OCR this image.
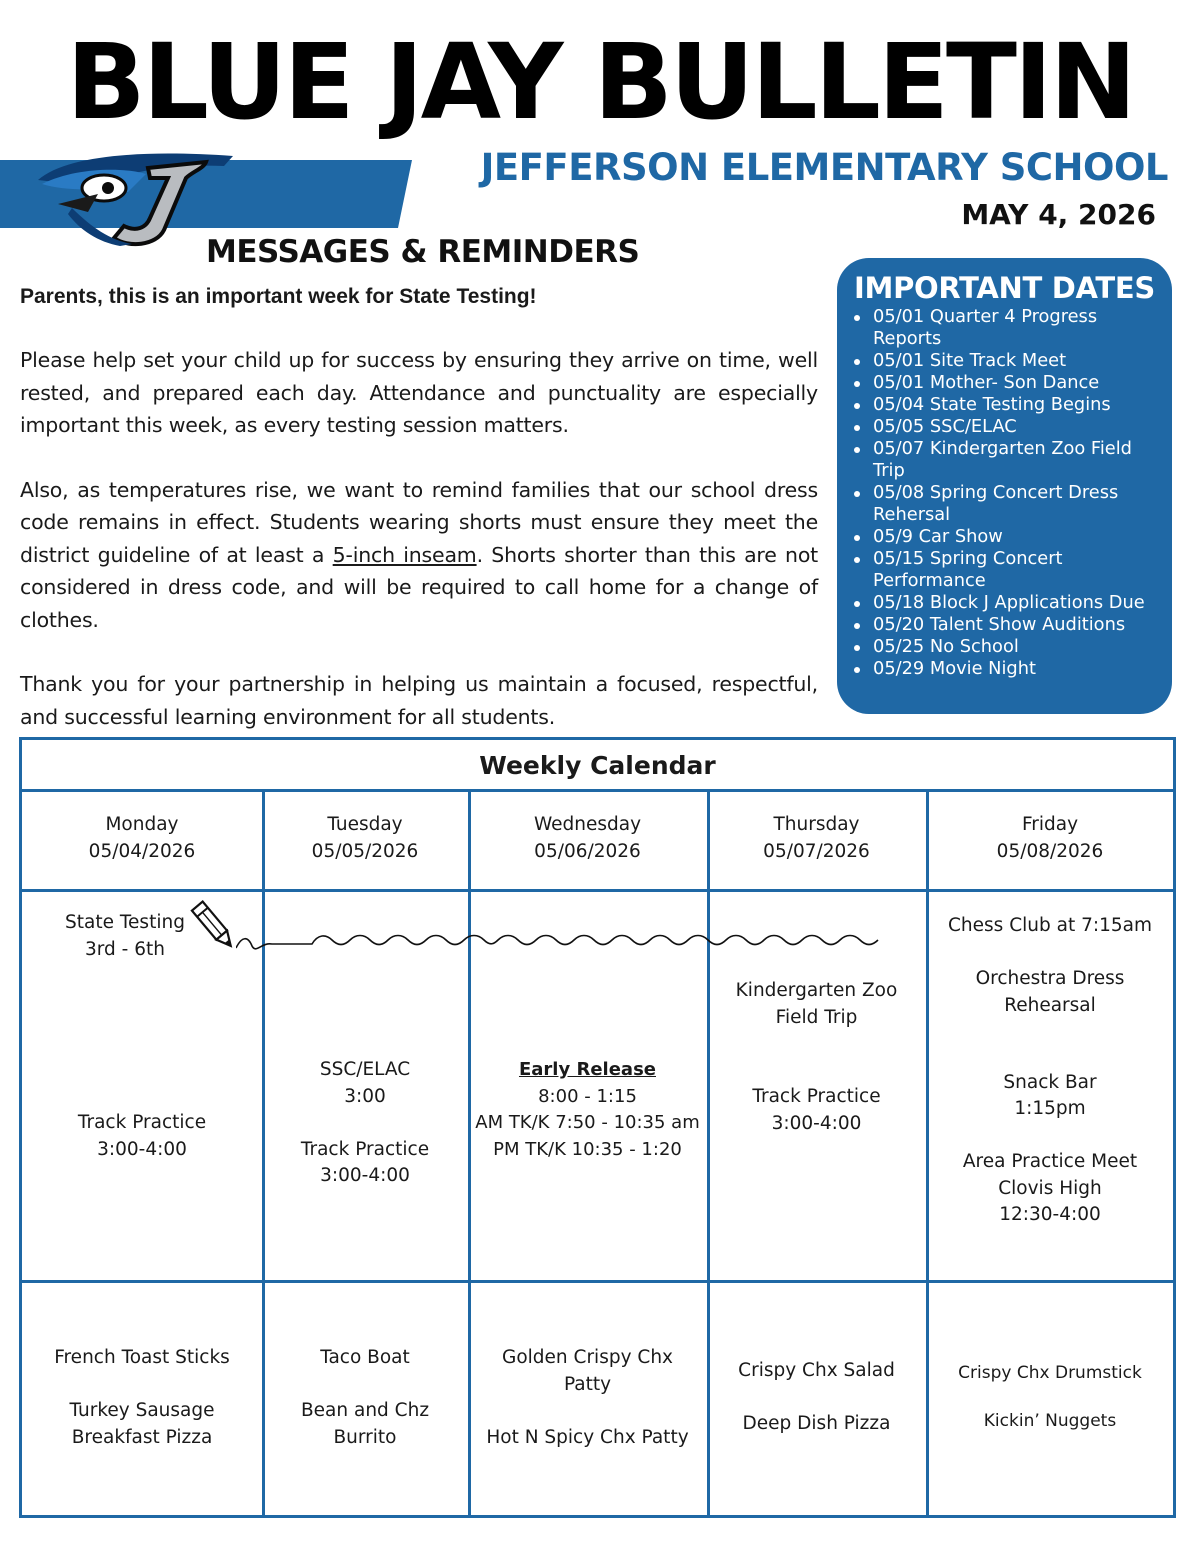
BLUE JAY BULLETIN
JEFFERSON ELEMENTARY SCHOOL
MAY 4, 2026
MESSAGES & REMINDERS
Parents, this is an important week for State Testing!

Please help set your child up for success by ensuring they arrive on time, well rested, and prepared each day. Attendance and punctuality are especially important this week, as every testing session matters.

Also, as temperatures rise, we want to remind families that our school dress code remains in effect. Students wearing shorts must ensure they meet the district guideline of at least a 5-inch inseam. Shorts shorter than this are not considered in dress code, and will be required to call home for a change of clothes.

Thank you for your partnership in helping us maintain a focused, respectful, and successful learning environment for all students.

IMPORTANT DATES
05/01 Quarter 4 Progress Reports
05/01 Site Track Meet
05/01 Mother- Son Dance
05/04 State Testing Begins
05/05 SSC/ELAC
05/07 Kindergarten Zoo Field Trip
05/08 Spring Concert Dress Rehersal
05/9 Car Show
05/15 Spring Concert Performance
05/18 Block J Applications Due
05/20 Talent Show Auditions
05/25 No School
05/29 Movie Night
Weekly Calendar
Monday
05/04/2026
Tuesday
05/05/2026
Wednesday
05/06/2026
Thursday
05/07/2026
Friday
05/08/2026
State Testing
3rd - 6th
Track Practice
3:00-4:00
SSC/ELAC
3:00
Track Practice
3:00-4:00
Early Release
8:00 - 1:15
AM TK/K 7:50 - 10:35 am
PM TK/K 10:35 - 1:20
Kindergarten Zoo
Field Trip
Track Practice
3:00-4:00
Chess Club at 7:15am
Orchestra Dress
Rehearsal
Snack Bar
1:15pm
Area Practice Meet
Clovis High
12:30-4:00
French Toast Sticks
Turkey Sausage
Breakfast Pizza
Taco Boat
Bean and Chz
Burrito
Golden Crispy Chx
Patty
Hot N Spicy Chx Patty
Crispy Chx Salad
Deep Dish Pizza
Crispy Chx Drumstick
Kickin’ Nuggets
